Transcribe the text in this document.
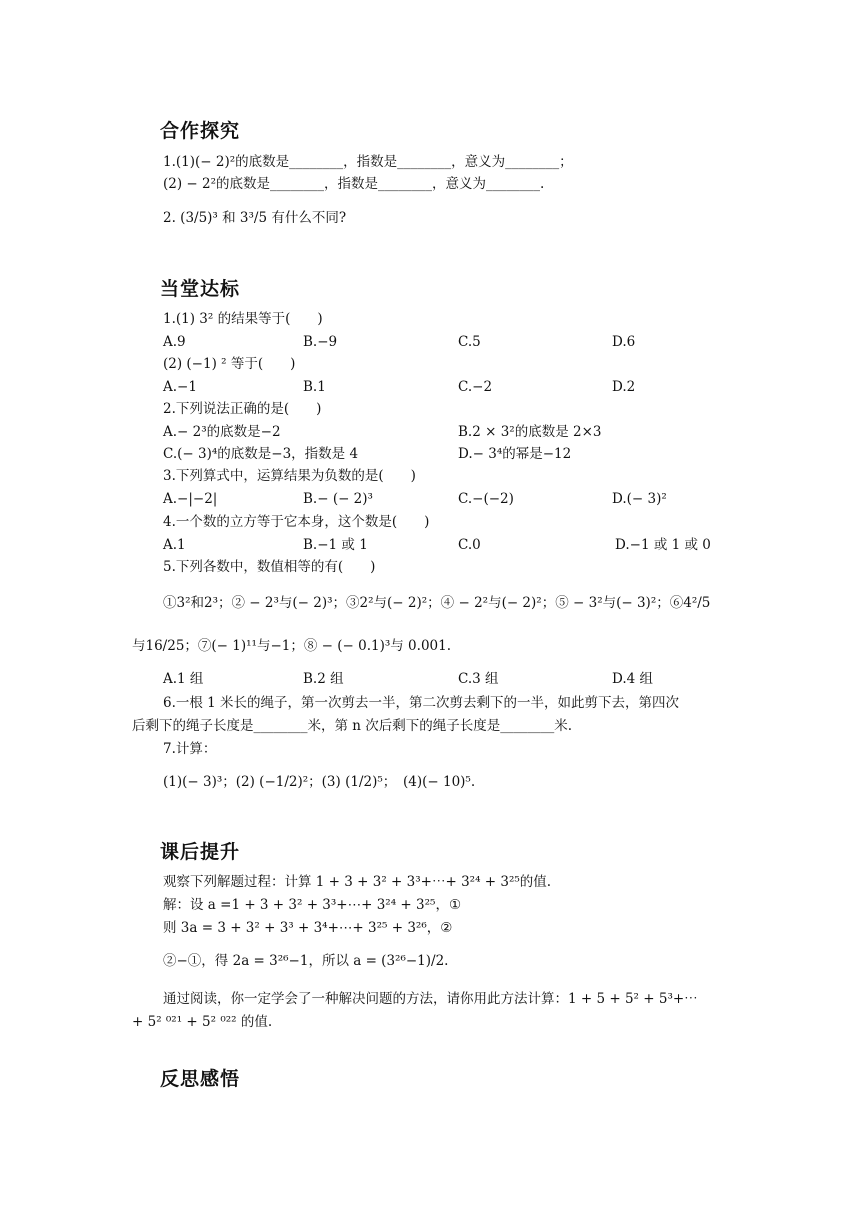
合作探究
1.(1)(− 2)²的底数是________，指数是________，意义为________；
(2) − 2²的底数是________，指数是________，意义为________.
2. (3/5)³ 和 3³/5 有什么不同?
当堂达标
1.(1) 3² 的结果等于(　　)
A.9	B.−9	C.5	D.6
(2) (−1) ² 等于(　　)
A.−1	B.1	C.−2	D.2
2.下列说法正确的是(　　)
A.− 2³的底数是−2	B.2 × 3²的底数是 2×3
C.(− 3)⁴的底数是−3，指数是 4	D.− 3⁴的幂是−12
3.下列算式中，运算结果为负数的是(　　)
A.−|−2|	B.− (− 2)³	C.−(−2)	D.(− 3)²
4.一个数的立方等于它本身，这个数是(　　)
A.1	B.−1 或 1	C.0	D.−1 或 1 或 0
5.下列各数中，数值相等的有(　　)
①3²和2³；② − 2³与(− 2)³；③2²与(− 2)²；④ − 2²与(− 2)²；⑤ − 3²与(− 3)²；⑥4²/5
与16/25；⑦(− 1)¹¹与−1；⑧ − (− 0.1)³与 0.001.
A.1 组	B.2 组	C.3 组	D.4 组
6.一根 1 米长的绳子，第一次剪去一半，第二次剪去剩下的一半，如此剪下去，第四次
后剩下的绳子长度是________米，第 n 次后剩下的绳子长度是________米.
7.计算：
(1)(− 3)³；(2) (−1/2)²；(3) (1/2)⁵；　(4)(− 10)⁵.
课后提升
观察下列解题过程：计算 1 + 3 + 3² + 3³+⋯+ 3²⁴ + 3²⁵的值.
解：设 a =1 + 3 + 3² + 3³+⋯+ 3²⁴ + 3²⁵，①
则 3a = 3 + 3² + 3³ + 3⁴+⋯+ 3²⁵ + 3²⁶，②
②−①，得 2a = 3²⁶−1，所以 a = (3²⁶−1)/2.
通过阅读，你一定学会了一种解决问题的方法，请你用此方法计算：1 + 5 + 5² + 5³+⋯
+ 5² ⁰²¹ + 5² ⁰²² 的值.
反思感悟
